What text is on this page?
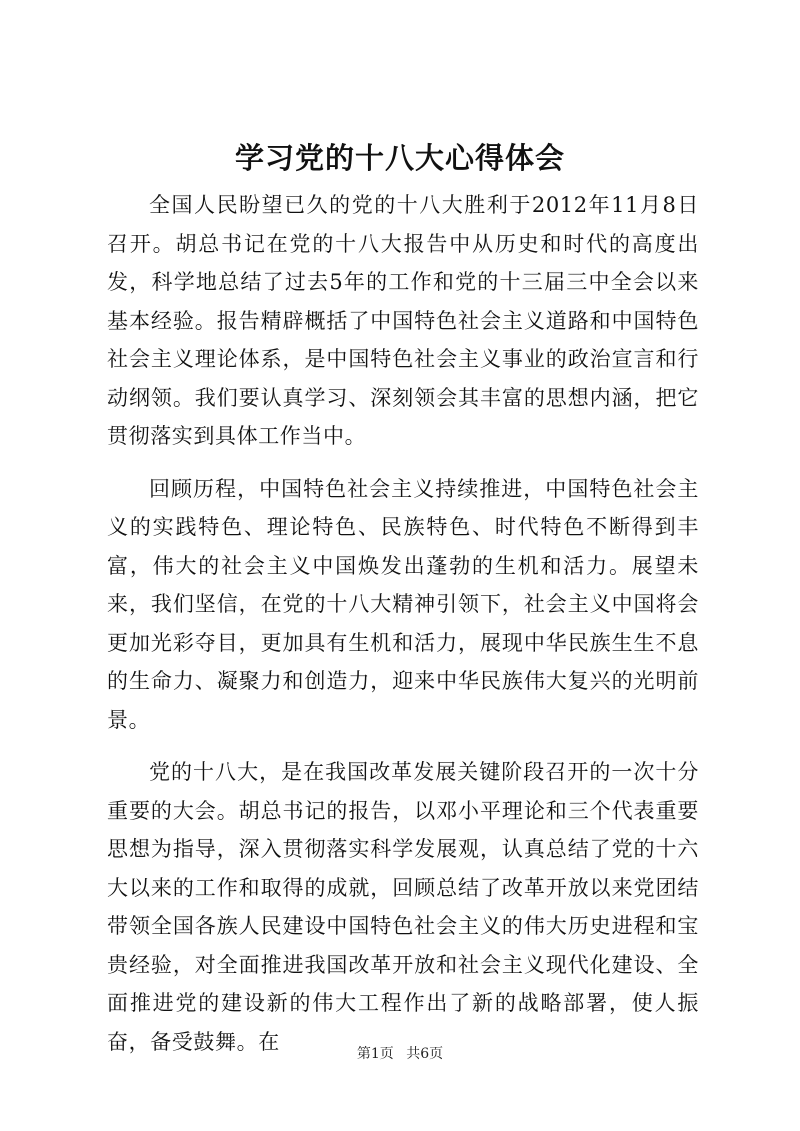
学习党的十八大心得体会

全国人民盼望已久的党的十八大胜利于2012年11月8日召开。胡总书记在党的十八大报告中从历史和时代的高度出发，科学地总结了过去5年的工作和党的十三届三中全会以来基本经验。报告精辟概括了中国特色社会主义道路和中国特色社会主义理论体系，是中国特色社会主义事业的政治宣言和行动纲领。我们要认真学习、深刻领会其丰富的思想内涵，把它贯彻落实到具体工作当中。

回顾历程，中国特色社会主义持续推进，中国特色社会主义的实践特色、理论特色、民族特色、时代特色不断得到丰富，伟大的社会主义中国焕发出蓬勃的生机和活力。展望未来，我们坚信，在党的十八大精神引领下，社会主义中国将会更加光彩夺目，更加具有生机和活力，展现中华民族生生不息的生命力、凝聚力和创造力，迎来中华民族伟大复兴的光明前景。

党的十八大，是在我国改革发展关键阶段召开的一次十分重要的大会。胡总书记的报告，以邓小平理论和三个代表重要思想为指导，深入贯彻落实科学发展观，认真总结了党的十六大以来的工作和取得的成就，回顾总结了改革开放以来党团结带领全国各族人民建设中国特色社会主义的伟大历史进程和宝贵经验，对全面推进我国改革开放和社会主义现代化建设、全面推进党的建设新的伟大工程作出了新的战略部署，使人振奋，备受鼓舞。在

第1页 共6页
